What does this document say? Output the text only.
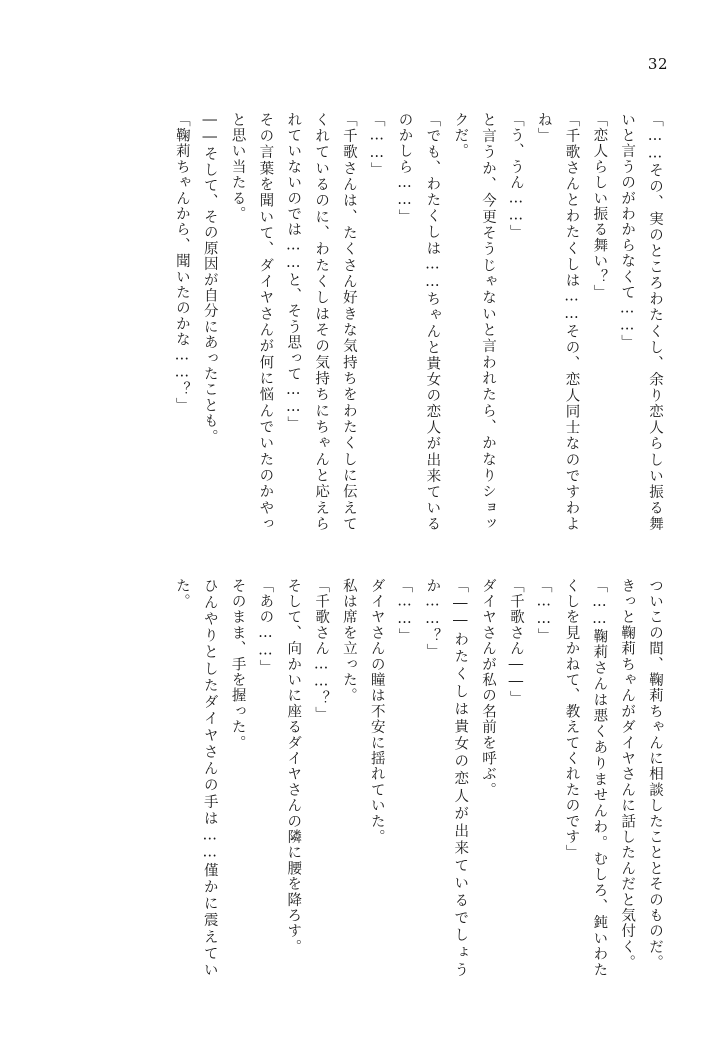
32
「……その、実のところわたくし、余り恋人らしい振る舞いと言うのがわからなくて……」
「恋人らしい振る舞い？」
「千歌さんとわたくしは……その、恋人同士なのですわよね」
「う、うん……」
と言うか、今更そうじゃないと言われたら、かなりショックだ。
「でも、わたくしは……ちゃんと貴女の恋人が出来ているのかしら……」
「……」
「千歌さんは、たくさん好きな気持ちをわたくしに伝えてくれているのに、わたくしはその気持ちにちゃんと応えられていないのでは……と、そう思って……」
その言葉を聞いて、ダイヤさんが何に悩んでいたのかやっと思い当たる。
――そして、その原因が自分にあったことも。
「鞠莉ちゃんから、聞いたのかな……？」
ついこの間、鞠莉ちゃんに相談したこととそのものだ。
きっと鞠莉ちゃんがダイヤさんに話したんだと気付く。
「……鞠莉さんは悪くありませんわ。むしろ、鈍いわたくしを見かねて、教えてくれたのです」
「……」
「千歌さん――」
ダイヤさんが私の名前を呼ぶ。
「――わたくしは貴女の恋人が出来ているでしょうか……？」
「……」
ダイヤさんの瞳は不安に揺れていた。
私は席を立った。
「千歌さん……？」
そして、向かいに座るダイヤさんの隣に腰を降ろす。
「あの……」
そのまま、手を握った。
ひんやりとしたダイヤさんの手は……僅かに震えていた。
